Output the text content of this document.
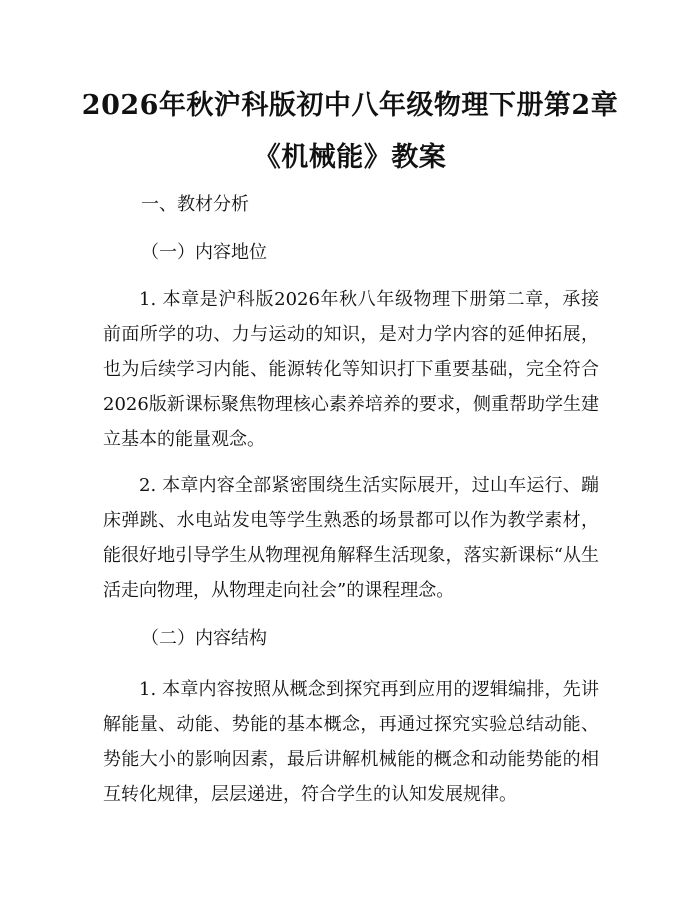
2026年秋沪科版初中八年级物理下册第2章
《机械能》教案
一、教材分析
（一）内容地位
1. 本章是沪科版2026年秋八年级物理下册第二章，承接前面所学的功、力与运动的知识，是对力学内容的延伸拓展，也为后续学习内能、能源转化等知识打下重要基础，完全符合2026版新课标聚焦物理核心素养培养的要求，侧重帮助学生建立基本的能量观念。
2. 本章内容全部紧密围绕生活实际展开，过山车运行、蹦床弹跳、水电站发电等学生熟悉的场景都可以作为教学素材，能很好地引导学生从物理视角解释生活现象，落实新课标“从生活走向物理，从物理走向社会”的课程理念。
（二）内容结构
1. 本章内容按照从概念到探究再到应用的逻辑编排，先讲解能量、动能、势能的基本概念，再通过探究实验总结动能、势能大小的影响因素，最后讲解机械能的概念和动能势能的相互转化规律，层层递进，符合学生的认知发展规律。
